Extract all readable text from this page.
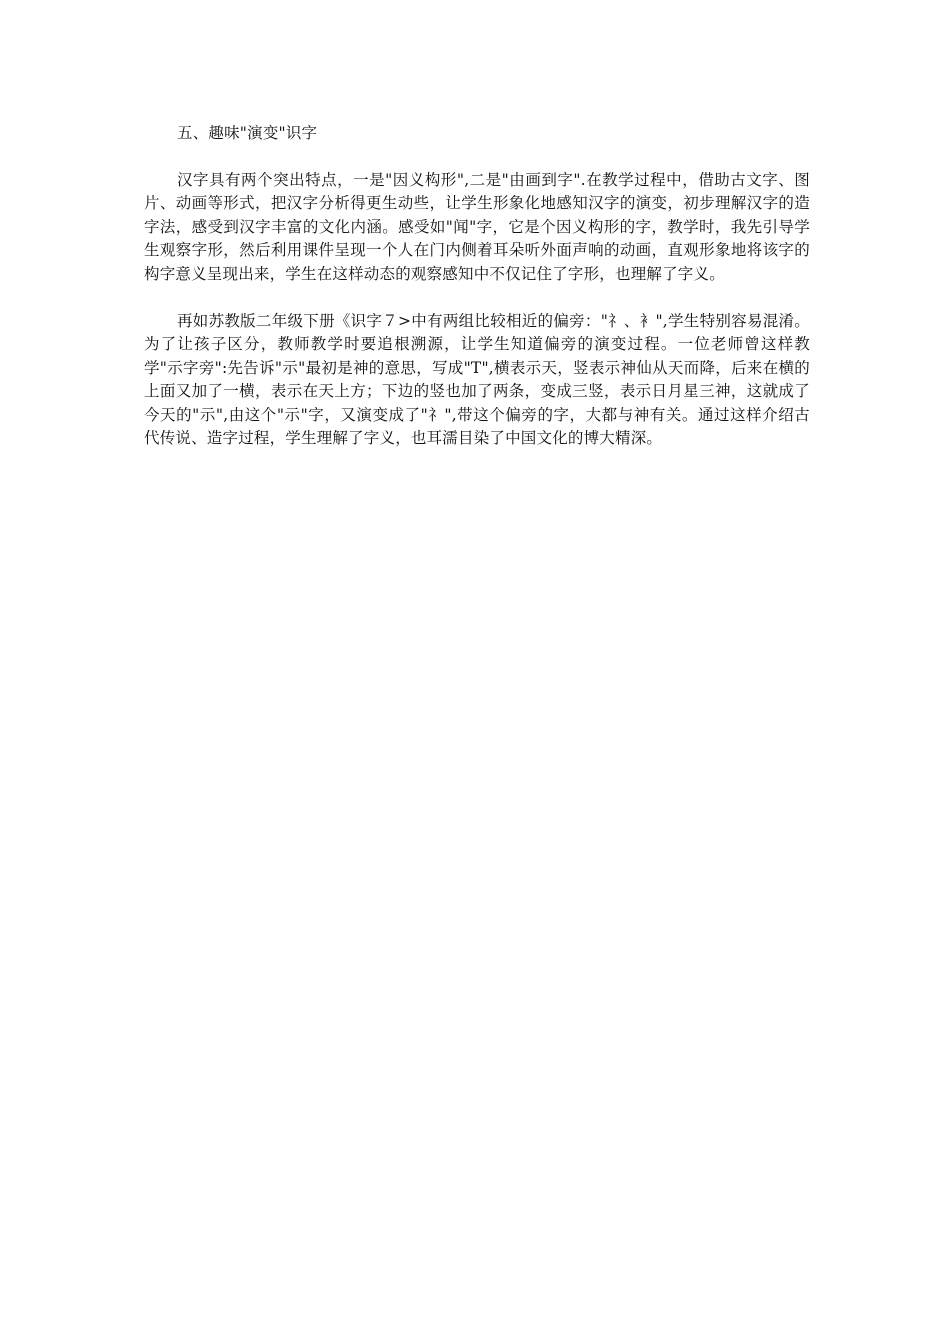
五、趣味"演变"识字

汉字具有两个突出特点，一是"因义构形",二是"由画到字".在教学过程中，借助古文字、图片、动画等形式，把汉字分析得更生动些，让学生形象化地感知汉字的演变，初步理解汉字的造字法，感受到汉字丰富的文化内涵。感受如"闻"字，它是个因义构形的字，教学时，我先引导学生观察字形，然后利用课件呈现一个人在门内侧着耳朵听外面声响的动画，直观形象地将该字的构字意义呈现出来，学生在这样动态的观察感知中不仅记住了字形，也理解了字义。

再如苏教版二年级下册《识字７>中有两组比较相近的偏旁："礻、衤",学生特别容易混淆。为了让孩子区分，教师教学时要追根溯源，让学生知道偏旁的演变过程。一位老师曾这样教学"示字旁":先告诉"示"最初是神的意思，写成"T",横表示天，竖表示神仙从天而降，后来在横的上面又加了一横，表示在天上方；下边的竖也加了两条，变成三竖，表示日月星三神，这就成了今天的"示",由这个"示"字，又演变成了"礻",带这个偏旁的字，大都与神有关。通过这样介绍古代传说、造字过程，学生理解了字义，也耳濡目染了中国文化的博大精深。
